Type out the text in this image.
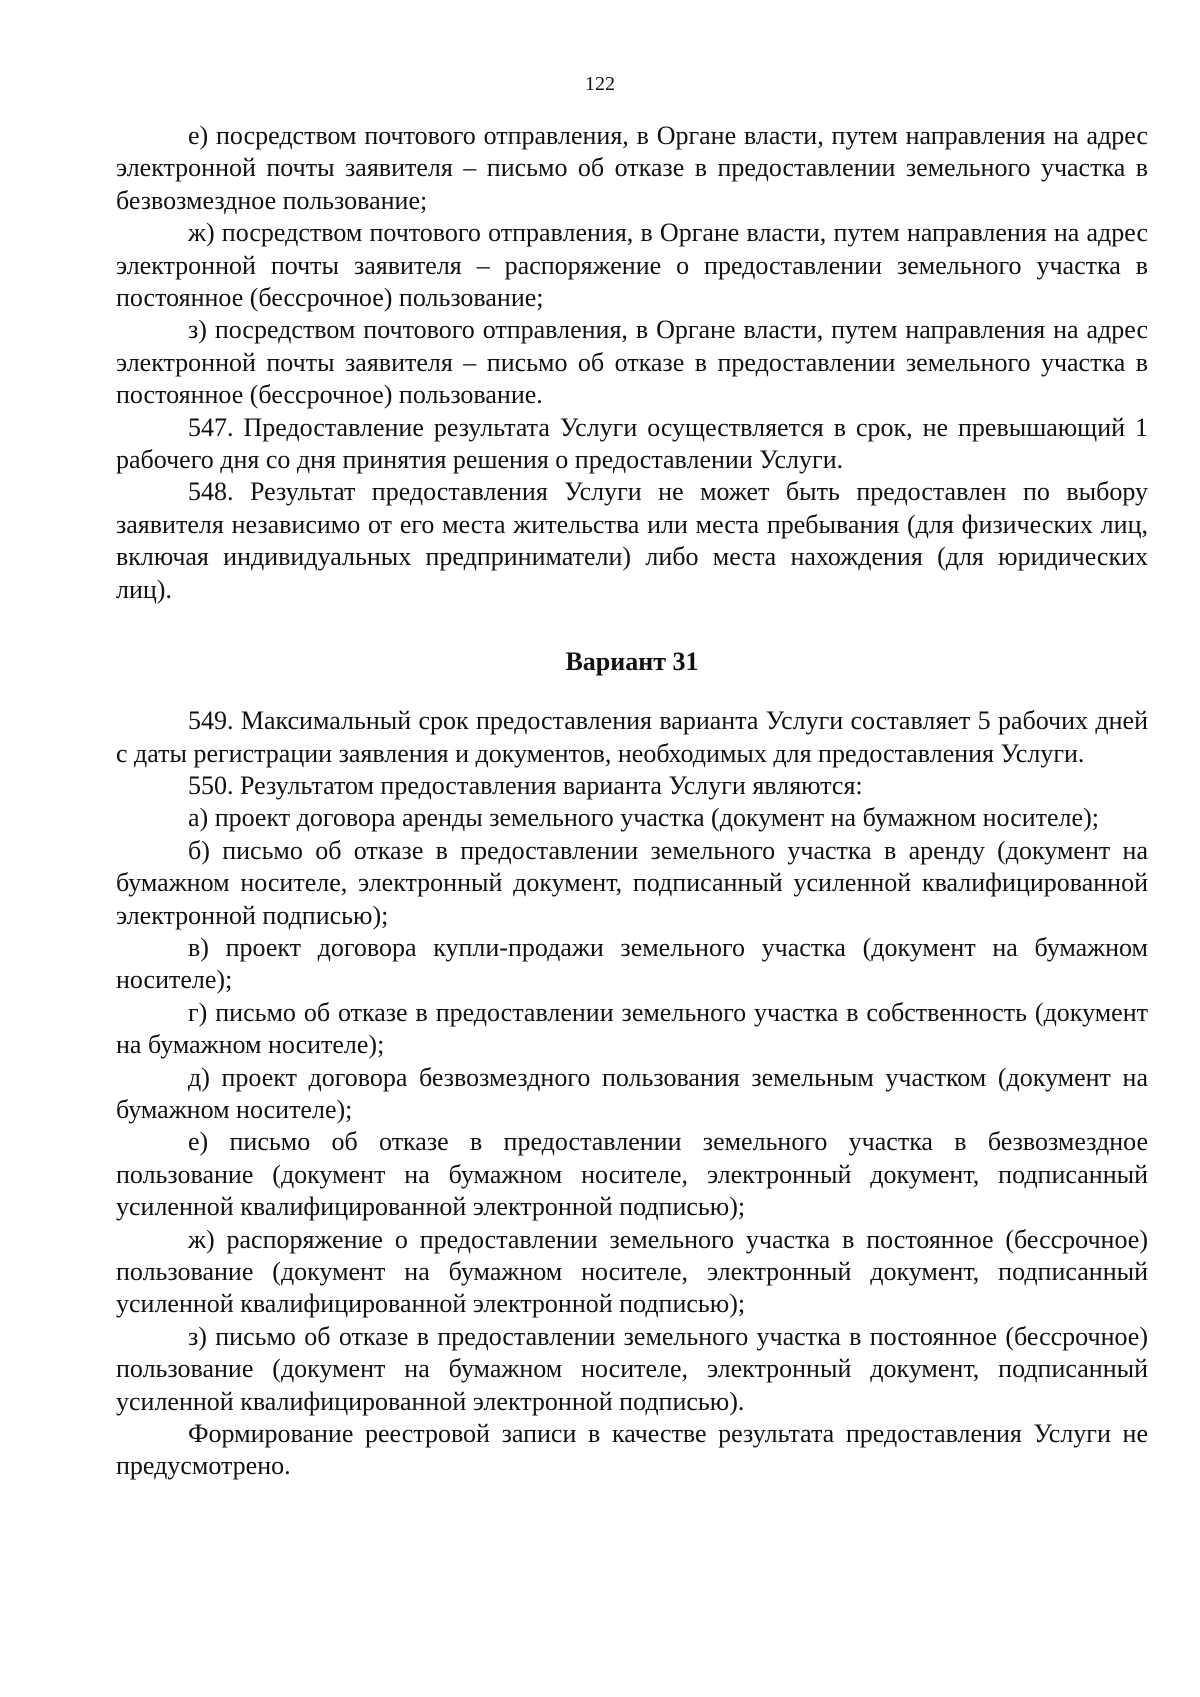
122

е) посредством почтового отправления, в Органе власти, путем направления на адрес электронной почты заявителя – письмо об отказе в предоставлении земельного участка в безвозмездное пользование;

ж) посредством почтового отправления, в Органе власти, путем направления на адрес электронной почты заявителя – распоряжение о предоставлении земельного участка в постоянное (бессрочное) пользование;

з) посредством почтового отправления, в Органе власти, путем направления на адрес электронной почты заявителя – письмо об отказе в предоставлении земельного участка в постоянное (бессрочное) пользование.

547. Предоставление результата Услуги осуществляется в срок, не превышающий 1 рабочего дня со дня принятия решения о предоставлении Услуги.

548. Результат предоставления Услуги не может быть предоставлен по выбору заявителя независимо от его места жительства или места пребывания (для физических лиц, включая индивидуальных предприниматели) либо места нахождения (для юридических лиц).

Вариант 31

549. Максимальный срок предоставления варианта Услуги составляет 5 рабочих дней с даты регистрации заявления и документов, необходимых для предоставления Услуги.

550. Результатом предоставления варианта Услуги являются:

а) проект договора аренды земельного участка (документ на бумажном носителе);

б) письмо об отказе в предоставлении земельного участка в аренду (документ на бумажном носителе, электронный документ, подписанный усиленной квалифицированной электронной подписью);

в) проект договора купли-продажи земельного участка (документ на бумажном носителе);

г) письмо об отказе в предоставлении земельного участка в собственность (документ на бумажном носителе);

д) проект договора безвозмездного пользования земельным участком (документ на бумажном носителе);

е) письмо об отказе в предоставлении земельного участка в безвозмездное пользование (документ на бумажном носителе, электронный документ, подписанный усиленной квалифицированной электронной подписью);

ж) распоряжение о предоставлении земельного участка в постоянное (бессрочное) пользование (документ на бумажном носителе, электронный документ, подписанный усиленной квалифицированной электронной подписью);

з) письмо об отказе в предоставлении земельного участка в постоянное (бессрочное) пользование (документ на бумажном носителе, электронный документ, подписанный усиленной квалифицированной электронной подписью).

Формирование реестровой записи в качестве результата предоставления Услуги не предусмотрено.
